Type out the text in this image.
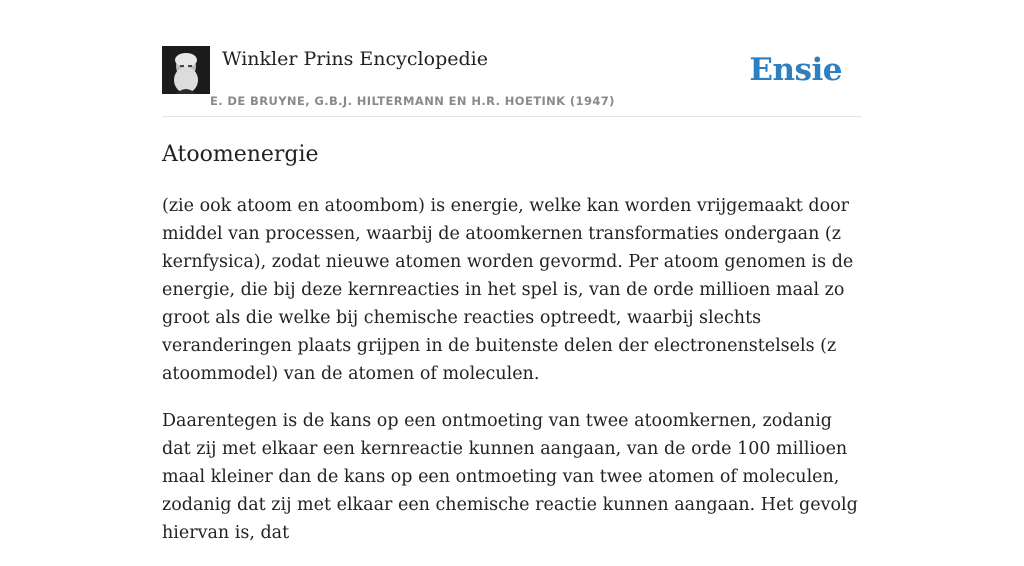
Winkler Prins Encyclopedie
E. DE BRUYNE, G.B.J. HILTERMANN EN H.R. HOETINK (1947)
Ensie
Atoomenergie

(zie ook atoom en atoombom) is energie, welke kan worden vrijgemaakt door middel van processen, waarbij de atoomkernen transformaties ondergaan (z kernfysica), zodat nieuwe atomen worden gevormd. Per atoom genomen is de energie, die bij deze kernreacties in het spel is, van de orde millioen maal zo groot als die welke bij chemische reacties optreedt, waarbij slechts veranderingen plaats grijpen in de buitenste delen der electronenstelsels (z atoommodel) van de atomen of moleculen.

Daarentegen is de kans op een ontmoeting van twee atoomkernen, zodanig dat zij met elkaar een kernreactie kunnen aangaan, van de orde 100 millioen maal kleiner dan de kans op een ontmoeting van twee atomen of moleculen, zodanig dat zij met elkaar een chemische reactie kunnen aangaan. Het gevolg hiervan is, dat
